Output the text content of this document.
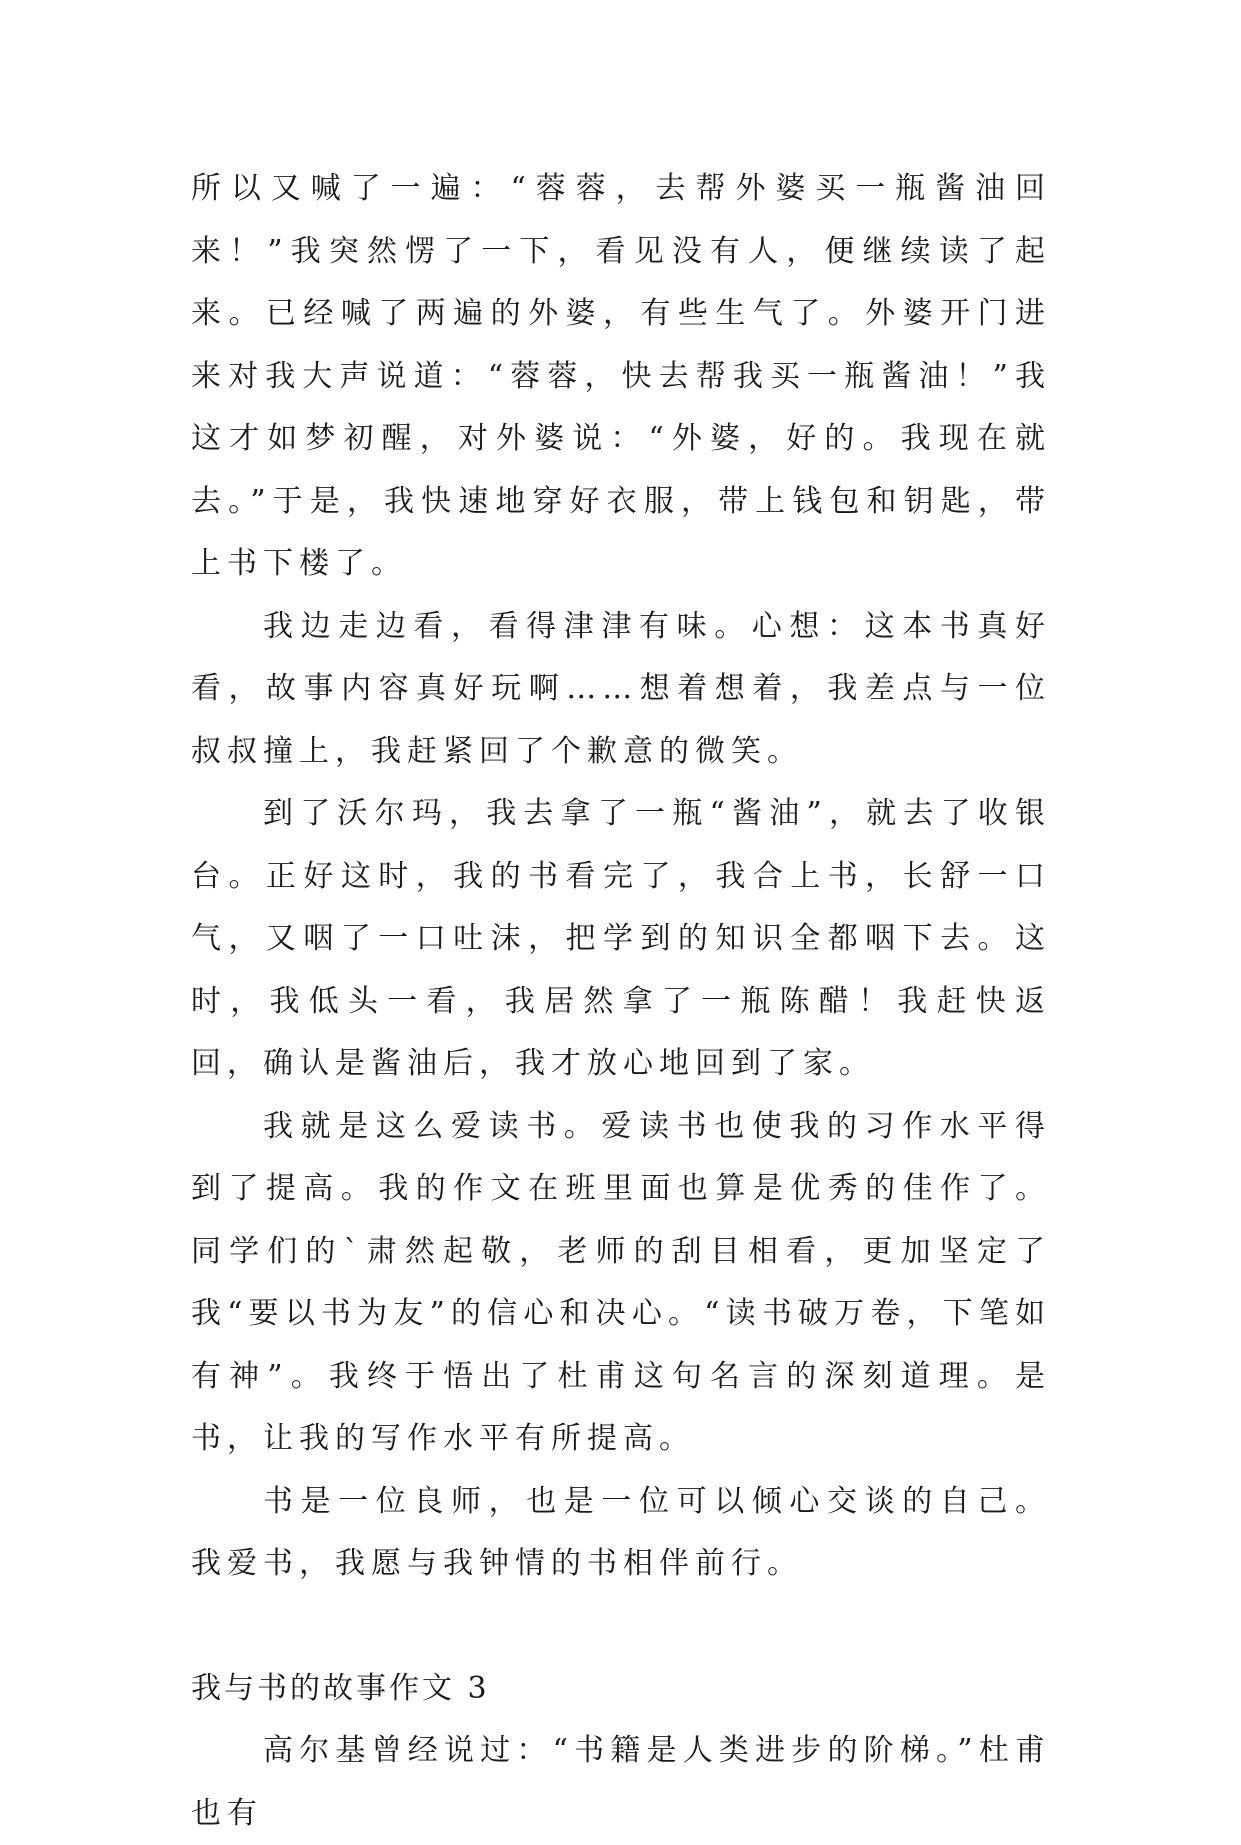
所以又喊了一遍：“蓉蓉，去帮外婆买一瓶酱油回来！”我突然愣了一下，看见没有人，便继续读了起来。已经喊了两遍的外婆，有些生气了。外婆开门进来对我大声说道：“蓉蓉，快去帮我买一瓶酱油！”我这才如梦初醒，对外婆说：“外婆，好的。我现在就去。”于是，我快速地穿好衣服，带上钱包和钥匙，带上书下楼了。

我边走边看，看得津津有味。心想：这本书真好看，故事内容真好玩啊……想着想着，我差点与一位叔叔撞上，我赶紧回了个歉意的微笑。

到了沃尔玛，我去拿了一瓶“酱油”，就去了收银台。正好这时，我的书看完了，我合上书，长舒一口气，又咽了一口吐沫，把学到的知识全都咽下去。这时，我低头一看，我居然拿了一瓶陈醋！我赶快返回，确认是酱油后，我才放心地回到了家。

我就是这么爱读书。爱读书也使我的习作水平得到了提高。我的作文在班里面也算是优秀的佳作了。同学们的`肃然起敬，老师的刮目相看，更加坚定了我“要以书为友”的信心和决心。“读书破万卷，下笔如有神”。我终于悟出了杜甫这句名言的深刻道理。是书，让我的写作水平有所提高。

书是一位良师，也是一位可以倾心交谈的自己。我爱书，我愿与我钟情的书相伴前行。

我与书的故事作文 3

高尔基曾经说过：“书籍是人类进步的阶梯。”杜甫也有
